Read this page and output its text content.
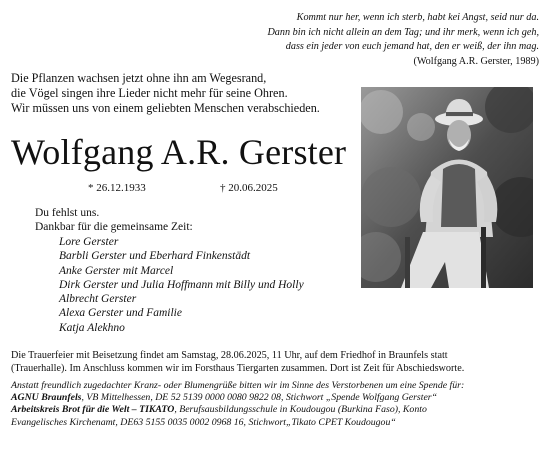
Kommt nur her, wenn ich sterb, habt kei Angst, seid nur da.
Dann bin ich nicht allein an dem Tag; und ihr merk, wenn ich geh,
dass ein jeder von euch jemand hat, den er weiß, der ihn mag.
(Wolfgang A.R. Gerster, 1989)
Die Pflanzen wachsen jetzt ohne ihn am Wegesrand,
die Vögel singen ihre Lieder nicht mehr für seine Ohren.
Wir müssen uns von einem geliebten Menschen verabschieden.
Wolfgang A.R. Gerster
* 26.12.1933	† 20.06.2025
Du fehlst uns.
Dankbar für die gemeinsame Zeit:
Lore Gerster
Barbli Gerster und Eberhard Finkenstädt
Anke Gerster mit Marcel
Dirk Gerster und Julia Hoffmann mit Billy und Holly
Albrecht Gerster
Alexa Gerster und Familie
Katja Alekhno
Die Trauerfeier mit Beisetzung findet am Samstag, 28.06.2025, 11 Uhr, auf dem Friedhof in Braunfels statt
(Trauerhalle). Im Anschluss kommen wir im Forsthaus Tiergarten zusammen. Dort ist Zeit für Abschiedsworte.
Anstatt freundlich zugedachter Kranz- oder Blumengrüße bitten wir im Sinne des Verstorbenen um eine Spende für:
AGNU Braunfels, VB Mittelhessen, DE 52 5139 0000 0080 9822 08, Stichwort „Spende Wolfgang Gerster“
Arbeitskreis Brot für die Welt – TIKATO, Berufsausbildungsschule in Koudougou (Burkina Faso), Konto
Evangelisches Kirchenamt, DE63 5155 0035 0002 0968 16, Stichwort„Tikato CPET Koudougou“
